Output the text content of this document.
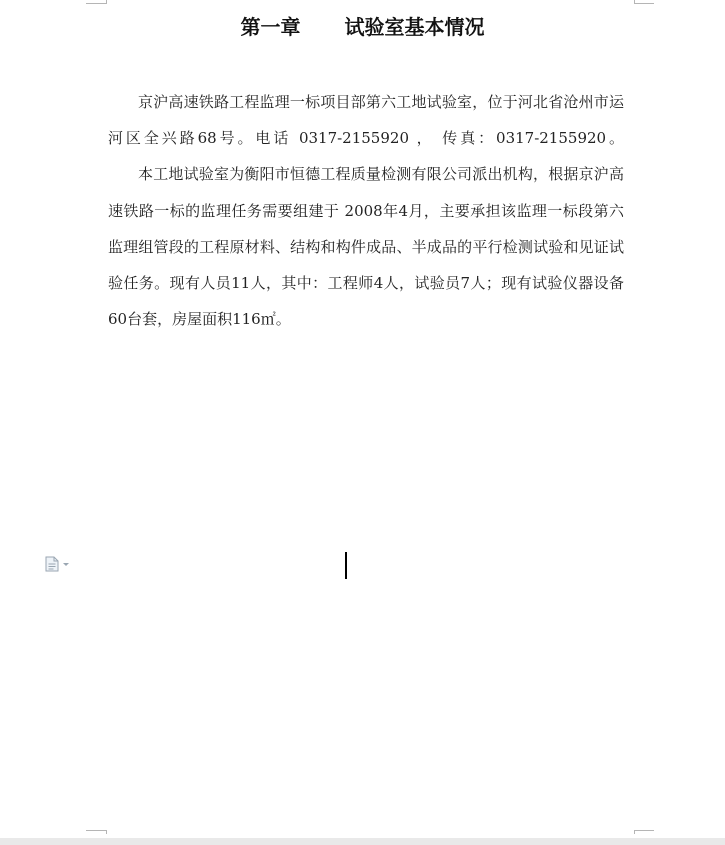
第一章 试验室基本情况

京沪高速铁路工程监理一标项目部第六工地试验室，位于河北省沧州市运河区全兴路68号。电话 0317-2155920 ， 传真：0317-2155920。

本工地试验室为衡阳市恒德工程质量检测有限公司派出机构，根据京沪高速铁路一标的监理任务需要组建于 2008年4月，主要承担该监理一标段第六监理组管段的工程原材料、结构和构件成品、半成品的平行检测试验和见证试验任务。现有人员11人，其中：工程师4人，试验员7人；现有试验仪器设备60台套，房屋面积116㎡。
